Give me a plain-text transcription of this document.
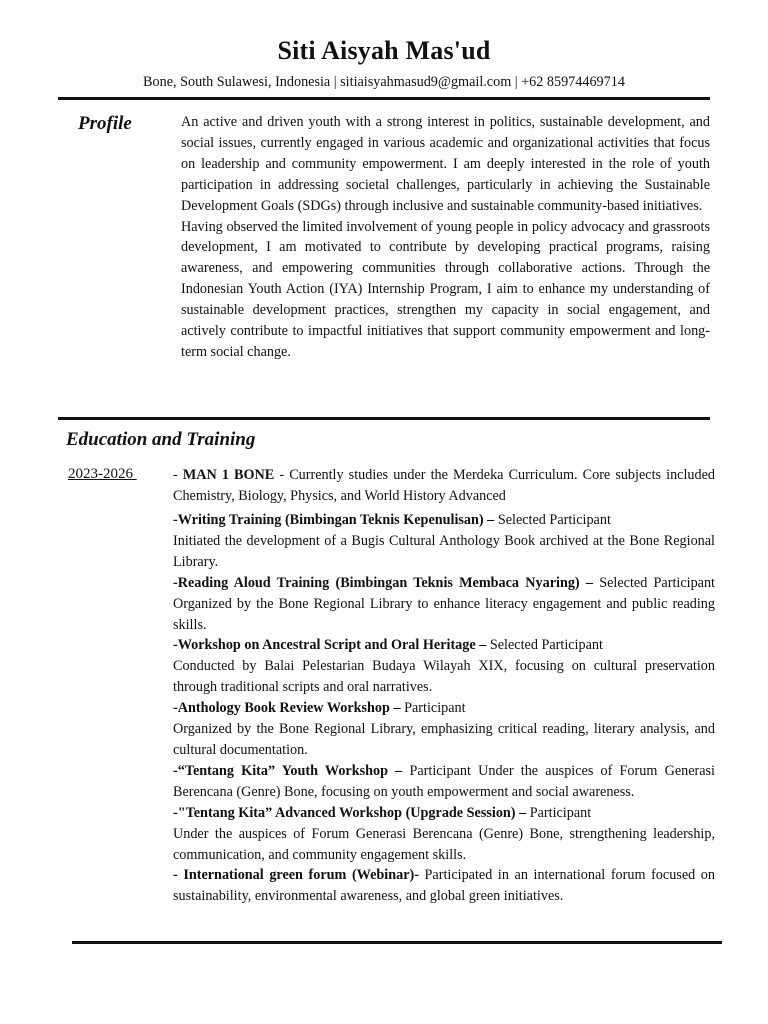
Siti Aisyah Mas'ud
Bone, South Sulawesi, Indonesia | sitiaisyahmasud9@gmail.com | +62 85974469714
Profile	An active and driven youth with a strong interest in politics, sustainable development, and social issues, currently engaged in various academic and organizational activities that focus on leadership and community empowerment. I am deeply interested in the role of youth participation in addressing societal challenges, particularly in achieving the Sustainable Development Goals (SDGs) through inclusive and sustainable community-based initiatives.

Having observed the limited involvement of young people in policy advocacy and grassroots development, I am motivated to contribute by developing practical programs, raising awareness, and empowering communities through collaborative actions. Through the Indonesian Youth Action (IYA) Internship Program, I aim to enhance my understanding of sustainable development practices, strengthen my capacity in social engagement, and actively contribute to impactful initiatives that support community empowerment and long-term social change.

Education and Training
2023-2026	- MAN 1 BONE - Currently studies under the Merdeka Curriculum. Core subjects included Chemistry, Biology, Physics, and World History Advanced

-Writing Training (Bimbingan Teknis Kepenulisan) – Selected Participant

Initiated the development of a Bugis Cultural Anthology Book archived at the Bone Regional Library.

-Reading Aloud Training (Bimbingan Teknis Membaca Nyaring) – Selected Participant Organized by the Bone Regional Library to enhance literacy engagement and public reading skills.

-Workshop on Ancestral Script and Oral Heritage – Selected Participant

Conducted by Balai Pelestarian Budaya Wilayah XIX, focusing on cultural preservation through traditional scripts and oral narratives.

-Anthology Book Review Workshop – Participant

Organized by the Bone Regional Library, emphasizing critical reading, literary analysis, and cultural documentation.

-“Tentang Kita” Youth Workshop – Participant Under the auspices of Forum Generasi Berencana (Genre) Bone, focusing on youth empowerment and social awareness.

-"Tentang Kita” Advanced Workshop (Upgrade Session) – Participant

Under the auspices of Forum Generasi Berencana (Genre) Bone, strengthening leadership, communication, and community engagement skills.

- International green forum (Webinar)- Participated in an international forum focused on sustainability, environmental awareness, and global green initiatives.
